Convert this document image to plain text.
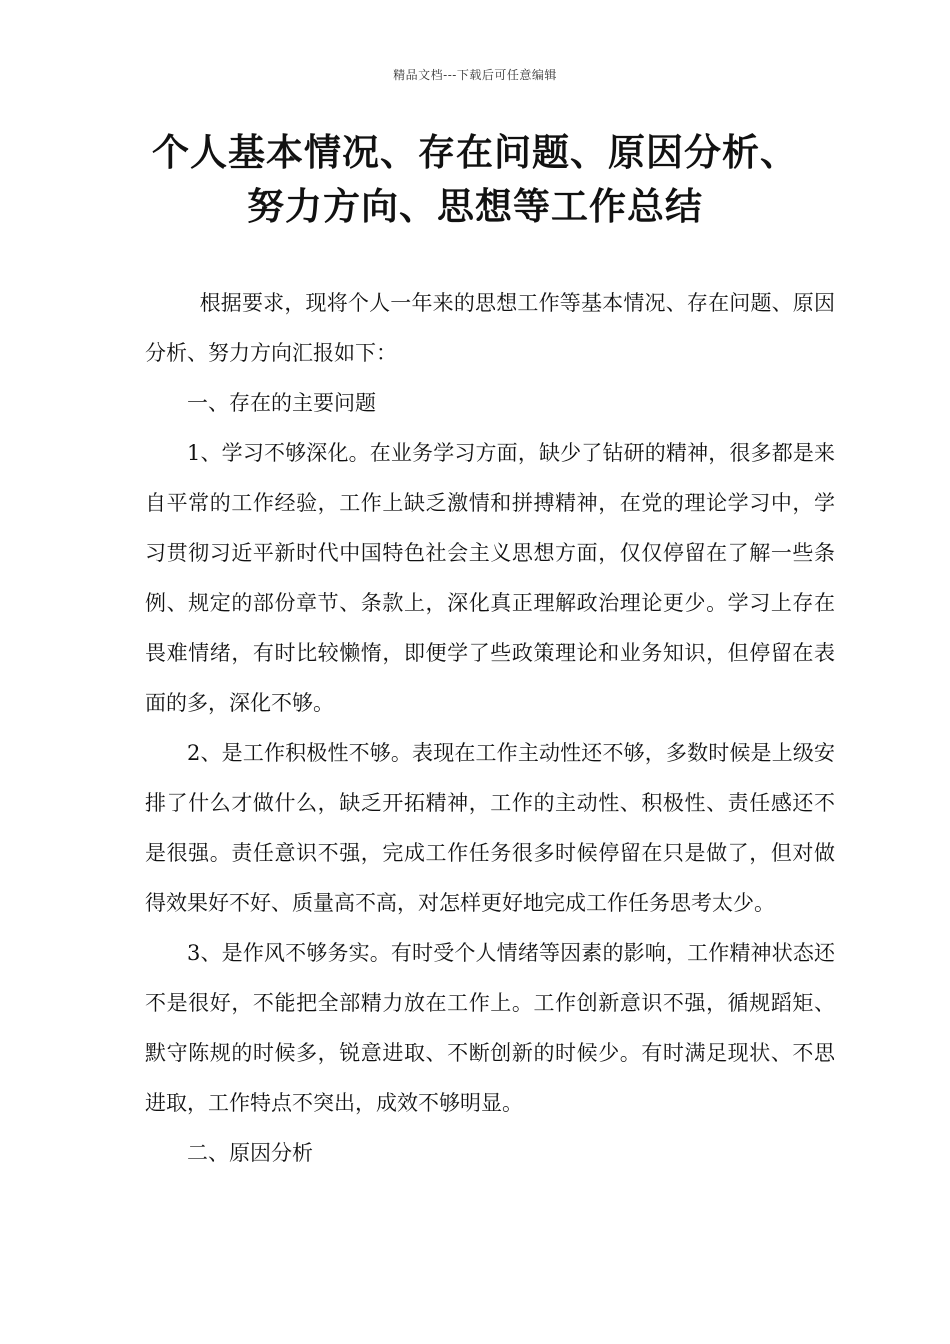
精品文档---下载后可任意编辑
个人基本情况、存在问题、原因分析、
努力方向、思想等工作总结

根据要求，现将个人一年来的思想工作等基本情况、存在问题、原因分析、努力方向汇报如下：

一、存在的主要问题

1、学习不够深化。在业务学习方面，缺少了钻研的精神，很多都是来自平常的工作经验，工作上缺乏激情和拼搏精神，在党的理论学习中，学习贯彻习近平新时代中国特色社会主义思想方面，仅仅停留在了解一些条例、规定的部份章节、条款上，深化真正理解政治理论更少。学习上存在畏难情绪，有时比较懒惰，即便学了些政策理论和业务知识，但停留在表面的多，深化不够。

2、是工作积极性不够。表现在工作主动性还不够，多数时候是上级安排了什么才做什么，缺乏开拓精神，工作的主动性、积极性、责任感还不是很强。责任意识不强，完成工作任务很多时候停留在只是做了，但对做得效果好不好、质量高不高，对怎样更好地完成工作任务思考太少。

3、是作风不够务实。有时受个人情绪等因素的影响，工作精神状态还不是很好，不能把全部精力放在工作上。工作创新意识不强，循规蹈矩、默守陈规的时候多，锐意进取、不断创新的时候少。有时满足现状、不思进取，工作特点不突出，成效不够明显。

二、原因分析
